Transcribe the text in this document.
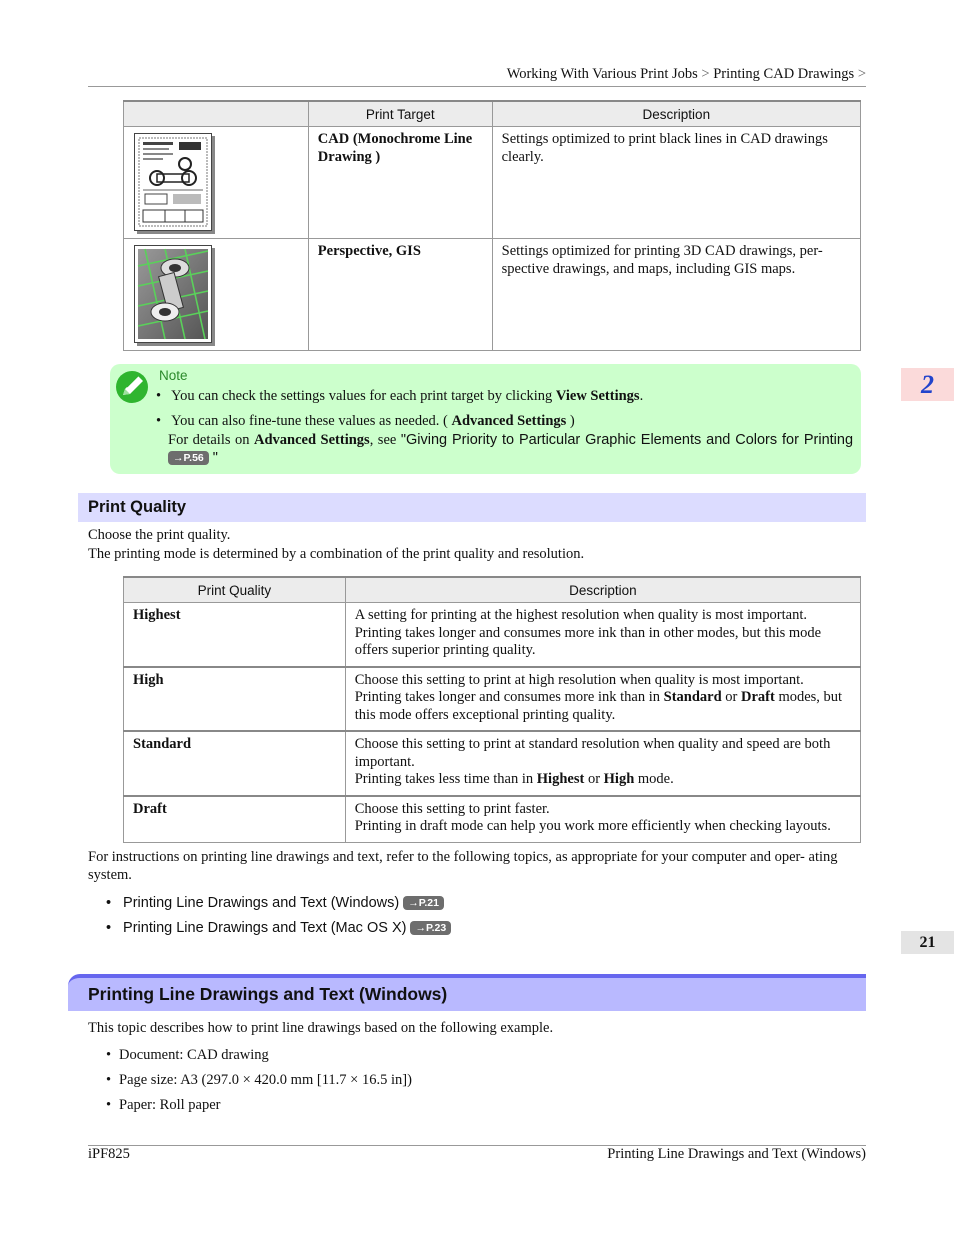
Working With Various Print Jobs > Printing CAD Drawings >
	Print Target	Description

	CAD (Monochrome Line Drawing )	Settings optimized to print black lines in CAD drawings clearly.

	Perspective, GIS	Settings optimized for printing 3D CAD drawings, per- spective drawings, and maps, including GIS maps.
Note
• You can check the settings values for each print target by clicking View Settings.
• You can also fine-tune these values as needed. ( Advanced Settings )
For details on Advanced Settings, see "Giving Priority to Particular Graphic Elements and Colors for Printing
→P.56 "
2
21
Print Quality
Choose the print quality.
The printing mode is determined by a combination of the print quality and resolution.
Print Quality	Description
Highest	A setting for printing at the highest resolution when quality is most important.
Printing takes longer and consumes more ink than in other modes, but this mode offers superior printing quality.

High	Choose this setting to print at high resolution when quality is most important.
Printing takes longer and consumes more ink than in Standard or Draft modes, but this mode offers exceptional printing quality.

Standard	Choose this setting to print at standard resolution when quality and speed are both important.
Printing takes less time than in Highest or High mode.

Draft	Choose this setting to print faster.
Printing in draft mode can help you work more efficiently when checking layouts.
For instructions on printing line drawings and text, refer to the following topics, as appropriate for your computer and oper- ating system.
• Printing Line Drawings and Text (Windows) →P.21
• Printing Line Drawings and Text (Mac OS X) →P.23
Printing Line Drawings and Text (Windows)
This topic describes how to print line drawings based on the following example.
• Document: CAD drawing
• Page size: A3 (297.0 × 420.0 mm [11.7 × 16.5 in])
• Paper: Roll paper
iPF825	Printing Line Drawings and Text (Windows)
